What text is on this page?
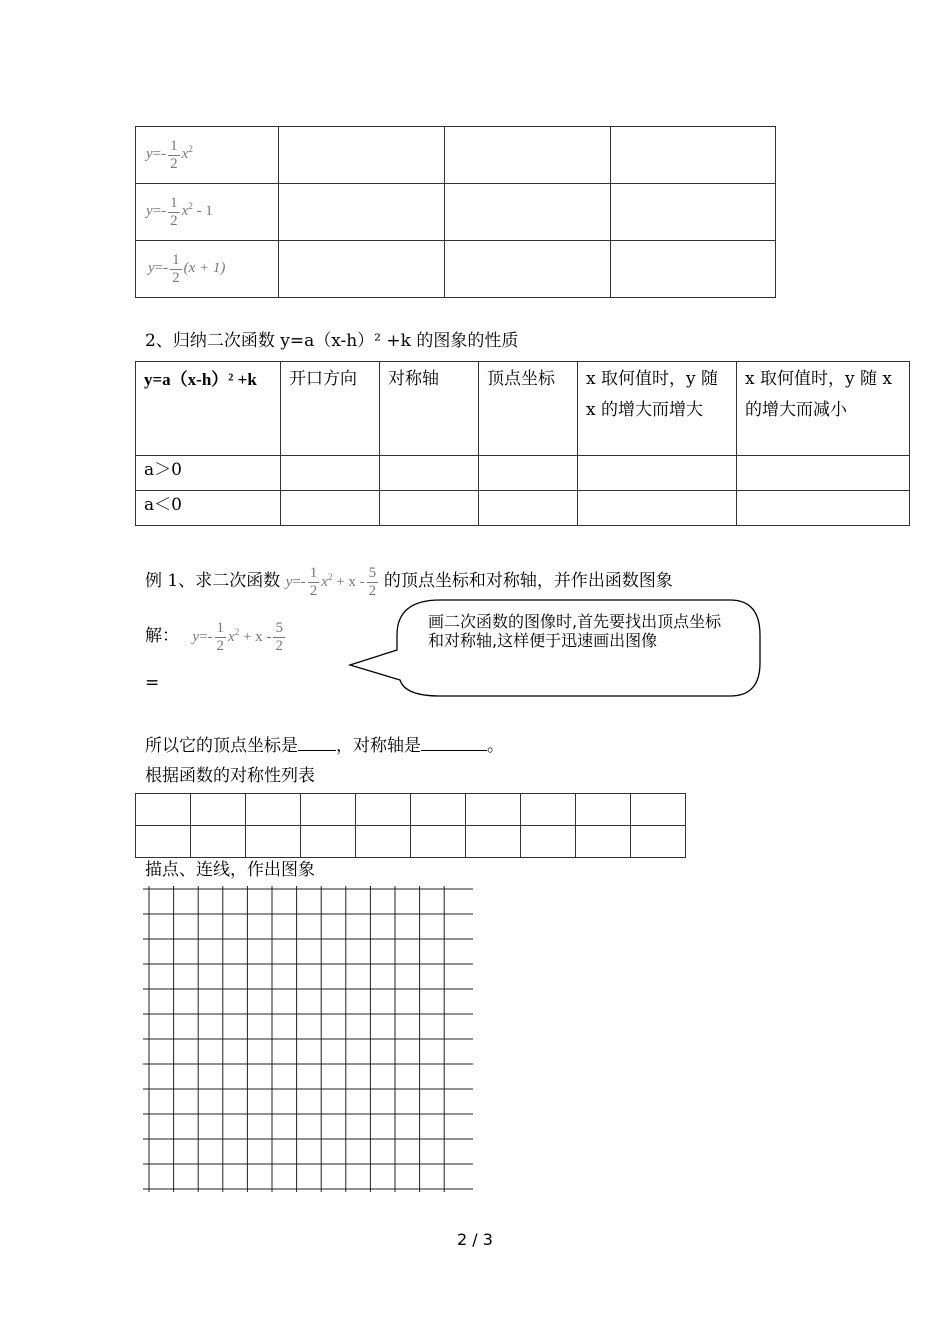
$y=- \frac{1}{2} x^2$			
$y=- \frac{1}{2} x^2 - 1$			
$y=- \frac{1}{2} (x + 1)$			
2、归纳二次函数 y=a（x-h）² +k 的图象的性质
y=a（x-h）² +k	开口方向	对称轴	顶点坐标	x 取何值时，y 随 x 的增大而增大	x 取何值时，y 随 x 的增大而减小
a＞0					
a＜0					
例 1、求二次函数 $y=- \frac{1}{2} x^2 + x - \frac{5}{2}$ 的顶点坐标和对称轴，并作出函数图象
解： $y=- \frac{1}{2} x^2 + x - \frac{5}{2}$
=
画二次函数的图像时,首先要找出顶点坐标和对称轴,这样便于迅速画出图像
所以它的顶点坐标是 ，对称轴是	。
根据函数的对称性列表

描点、连线，作出图象
2 / 3
